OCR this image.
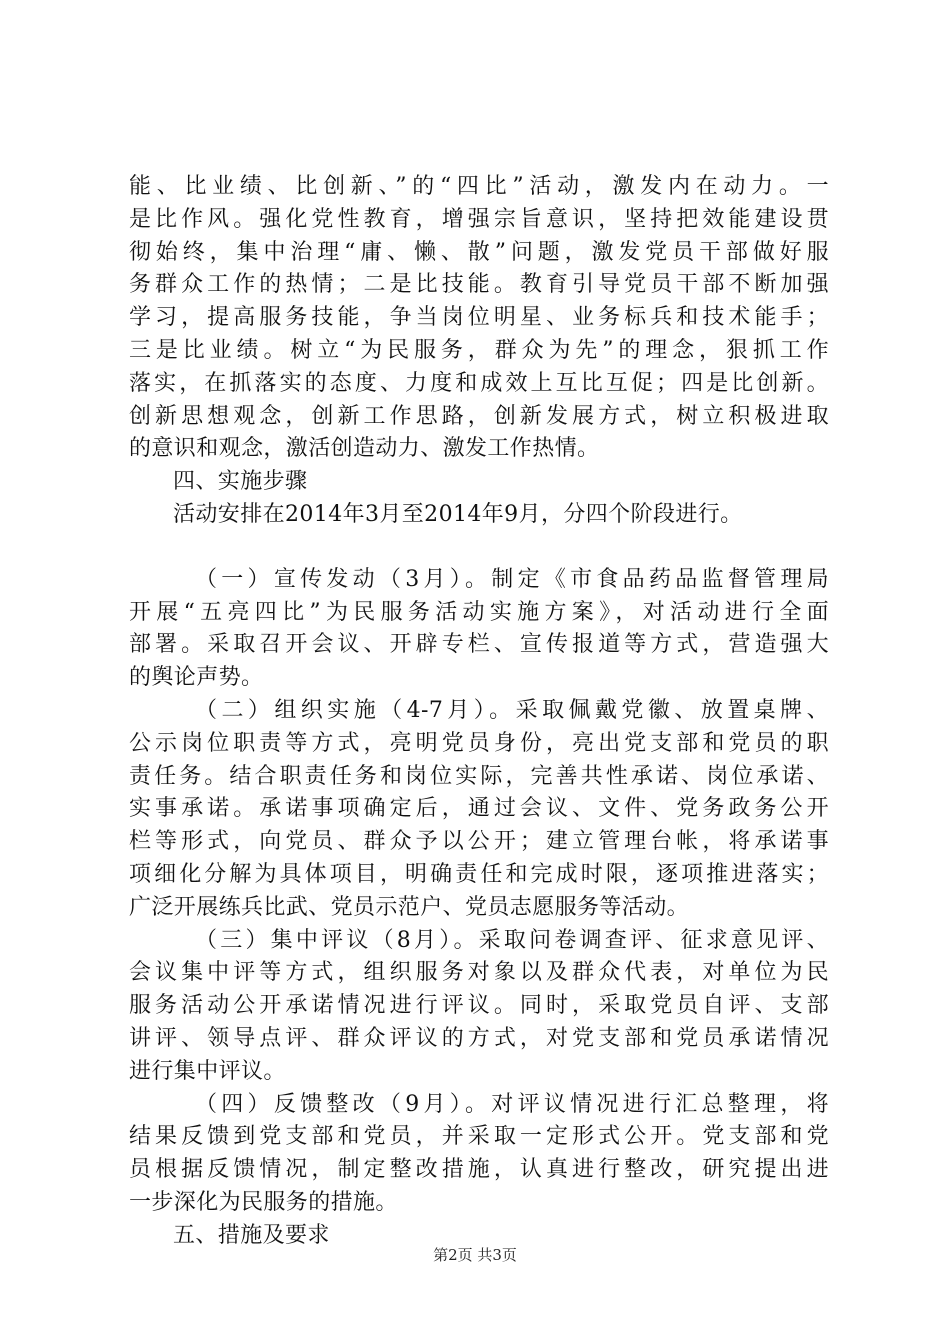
能、比业绩、比创新、”的“四比”活动，激发内在动力。一
是比作风。强化党性教育，增强宗旨意识，坚持把效能建设贯
彻始终，集中治理“庸、懒、散”问题，激发党员干部做好服
务群众工作的热情；二是比技能。教育引导党员干部不断加强
学习，提高服务技能，争当岗位明星、业务标兵和技术能手；
三是比业绩。树立“为民服务，群众为先”的理念，狠抓工作
落实，在抓落实的态度、力度和成效上互比互促；四是比创新。
创新思想观念，创新工作思路，创新发展方式，树立积极进取
的意识和观念，激活创造动力、激发工作热情。

四、实施步骤

活动安排在2014年3月至2014年9月，分四个阶段进行。

（一）宣传发动（3月）。制定《市食品药品监督管理局
开展“五亮四比”为民服务活动实施方案》，对活动进行全面
部署。采取召开会议、开辟专栏、宣传报道等方式，营造强大
的舆论声势。

（二）组织实施（4-7月）。采取佩戴党徽、放置桌牌、
公示岗位职责等方式，亮明党员身份，亮出党支部和党员的职
责任务。结合职责任务和岗位实际，完善共性承诺、岗位承诺、
实事承诺。承诺事项确定后，通过会议、文件、党务政务公开
栏等形式，向党员、群众予以公开；建立管理台帐，将承诺事
项细化分解为具体项目，明确责任和完成时限，逐项推进落实；
广泛开展练兵比武、党员示范户、党员志愿服务等活动。

（三）集中评议（8月）。采取问卷调查评、征求意见评、
会议集中评等方式，组织服务对象以及群众代表，对单位为民
服务活动公开承诺情况进行评议。同时，采取党员自评、支部
讲评、领导点评、群众评议的方式，对党支部和党员承诺情况
进行集中评议。

（四）反馈整改（9月）。对评议情况进行汇总整理，将
结果反馈到党支部和党员，并采取一定形式公开。党支部和党
员根据反馈情况，制定整改措施，认真进行整改，研究提出进
一步深化为民服务的措施。

五、措施及要求

第2页 共3页
